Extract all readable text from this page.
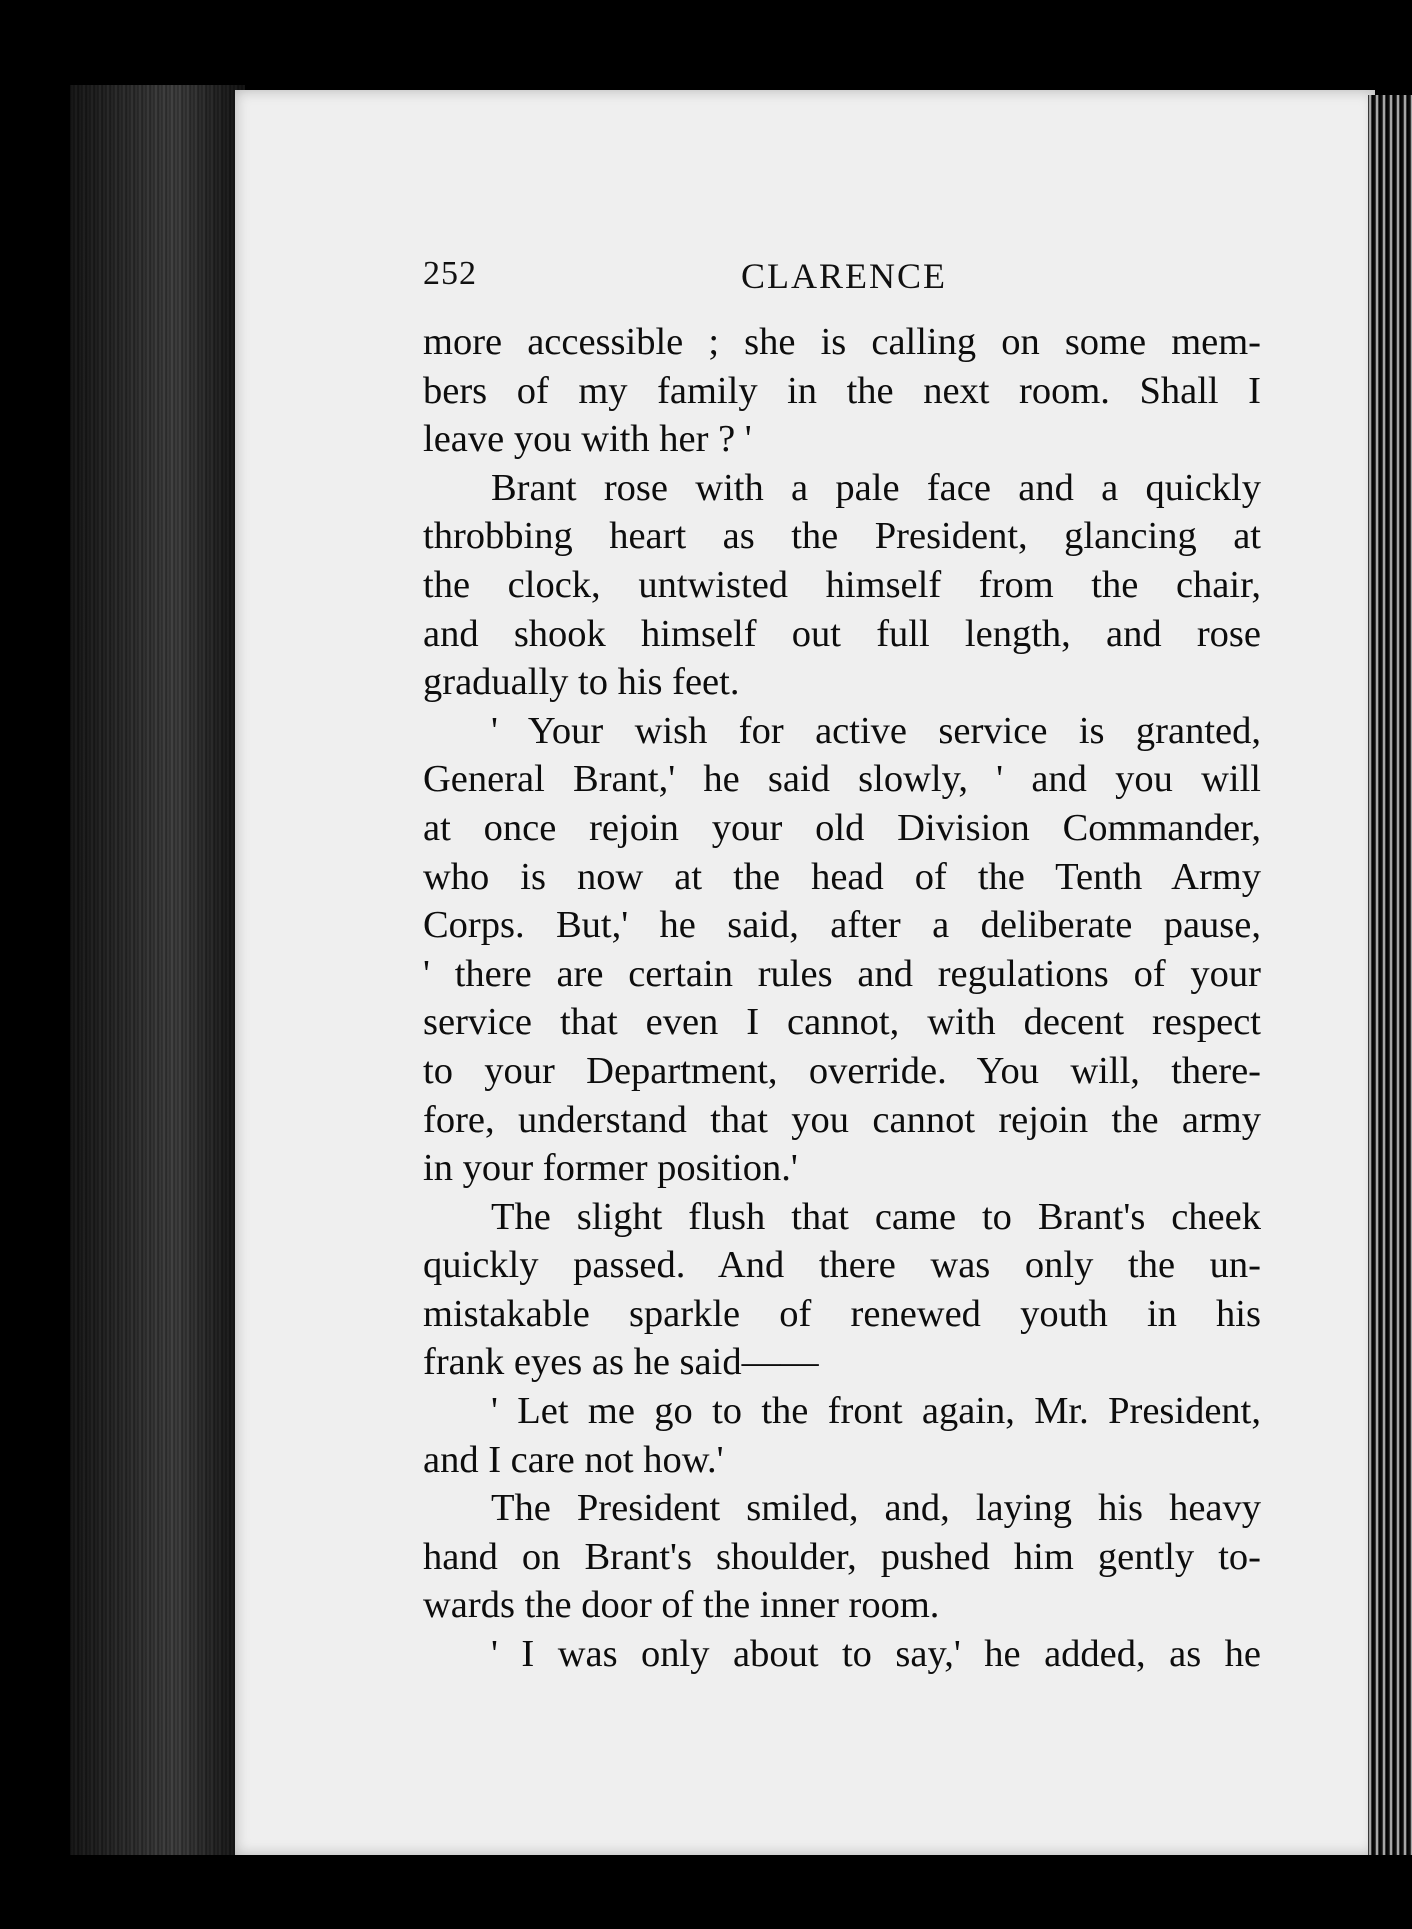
252	CLARENCE
more accessible ; she is calling on some mem-
bers of my family in the next room. Shall I
leave you with her ? '
Brant rose with a pale face and a quickly
throbbing heart as the President, glancing at
the clock, untwisted himself from the chair,
and shook himself out full length, and rose
gradually to his feet.
' Your wish for active service is granted,
General Brant,' he said slowly, ' and you will
at once rejoin your old Division Commander,
who is now at the head of the Tenth Army
Corps. But,' he said, after a deliberate pause,
' there are certain rules and regulations of your
service that even I cannot, with decent respect
to your Department, override. You will, there-
fore, understand that you cannot rejoin the army
in your former position.'
The slight flush that came to Brant's cheek
quickly passed. And there was only the un-
mistakable sparkle of renewed youth in his
frank eyes as he said——
' Let me go to the front again, Mr. President,
and I care not how.'
The President smiled, and, laying his heavy
hand on Brant's shoulder, pushed him gently to-
wards the door of the inner room.
' I was only about to say,' he added, as he
